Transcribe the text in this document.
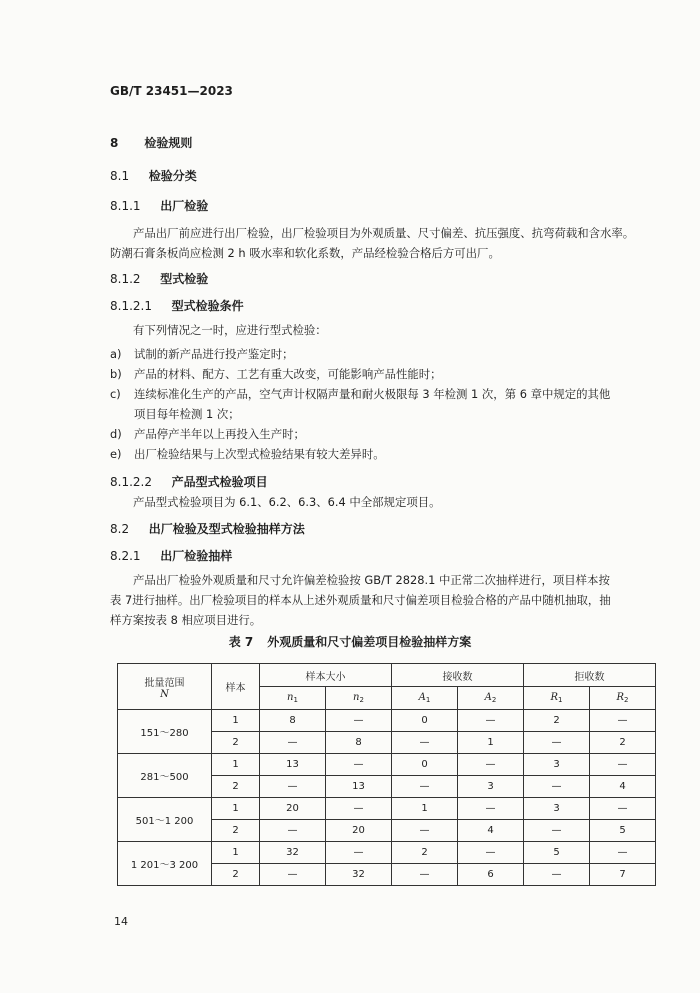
GB/T 23451—2023
8 检验规则
8.1 检验分类
8.1.1 出厂检验
产品出厂前应进行出厂检验，出厂检验项目为外观质量、尺寸偏差、抗压强度、抗弯荷载和含水率。
防潮石膏条板尚应检测 2 h 吸水率和软化系数，产品经检验合格后方可出厂。
8.1.2 型式检验
8.1.2.1 型式检验条件
有下列情况之一时，应进行型式检验：
a) 试制的新产品进行投产鉴定时；
b) 产品的材料、配方、工艺有重大改变，可能影响产品性能时；
c) 连续标准化生产的产品，空气声计权隔声量和耐火极限每 3 年检测 1 次，第 6 章中规定的其他
项目每年检测 1 次；
d) 产品停产半年以上再投入生产时；
e) 出厂检验结果与上次型式检验结果有较大差异时。
8.1.2.2 产品型式检验项目
产品型式检验项目为 6.1、6.2、6.3、6.4 中全部规定项目。
8.2 出厂检验及型式检验抽样方法
8.2.1 出厂检验抽样
产品出厂检验外观质量和尺寸允许偏差检验按 GB/T 2828.1 中正常二次抽样进行，项目样本按
表 7进行抽样。出厂检验项目的样本从上述外观质量和尺寸偏差项目检验合格的产品中随机抽取，抽
样方案按表 8 相应项目进行。
表 7 外观质量和尺寸偏差项目检验抽样方案
批量范围
N	样本	样本大小		接收数		拒收数	
		$n_1$	$n_2$	$A_1$	$A_2$	$R_1$	$R_2$
151～280	1	8	—	0	—	2	—
	2	—	8	—	1	—	2
281～500	1	13	—	0	—	3	—
	2	—	13	—	3	—	4
501～1 200	1	20	—	1	—	3	—
	2	—	20	—	4	—	5
1 201～3 200	1	32	—	2	—	5	—
	2	—	32	—	6	—	7
14
